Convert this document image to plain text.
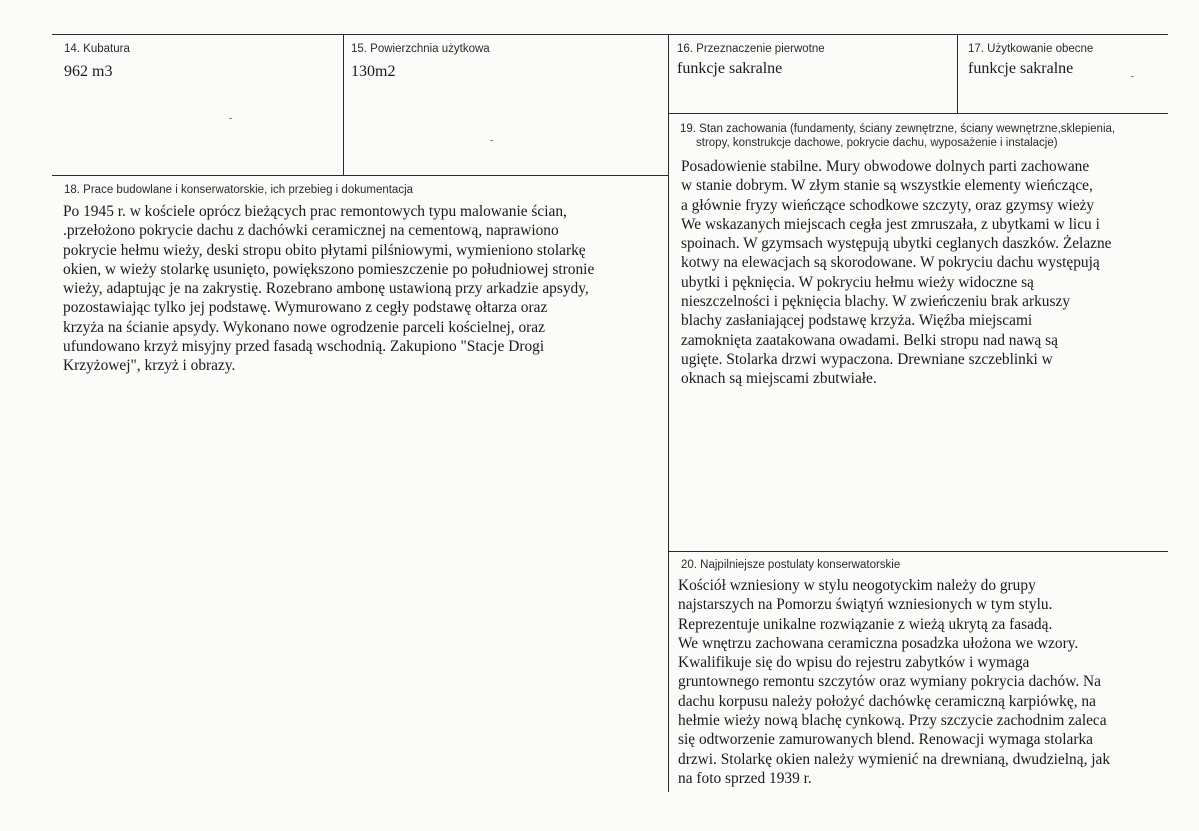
14. Kubatura
962 m3
15. Powierzchnia użytkowa
130m2
16. Przeznaczenie pierwotne
funkcje sakralne
17. Użytkowanie obecne
funkcje sakralne
19. Stan zachowania (fundamenty, ściany zewnętrzne, ściany wewnętrzne,sklepienia,
stropy, konstrukcje dachowe, pokrycie dachu, wyposażenie i instalacje)
Posadowienie stabilne. Mury obwodowe dolnych parti zachowane
w stanie dobrym. W złym stanie są wszystkie elementy wieńczące,
a głównie fryzy wieńczące schodkowe szczyty, oraz gzymsy wieży
We wskazanych miejscach cegła jest zmruszała, z ubytkami w licu i
spoinach. W gzymsach występują ubytki ceglanych daszków. Żelazne
kotwy na elewacjach są skorodowane. W pokryciu dachu występują
ubytki i pęknięcia. W pokryciu hełmu wieży widoczne są
nieszczelności i pęknięcia blachy. W zwieńczeniu brak arkuszy
blachy zasłaniającej podstawę krzyża. Więźba miejscami
zamoknięta zaatakowana owadami. Belki stropu nad nawą są
ugięte. Stolarka drzwi wypaczona. Drewniane szczeblinki w
oknach są miejscami zbutwiałe.
18. Prace budowlane i konserwatorskie, ich przebieg i dokumentacja
Po 1945 r. w kościele oprócz bieżących prac remontowych typu malowanie ścian,
.przełożono pokrycie dachu z dachówki ceramicznej na cementową, naprawiono
pokrycie hełmu wieży, deski stropu obito płytami pilśniowymi, wymieniono stolarkę
okien, w wieży stolarkę usunięto, powiększono pomieszczenie po południowej stronie
wieży, adaptując je na zakrystię. Rozebrano ambonę ustawioną przy arkadzie apsydy,
pozostawiając tylko jej podstawę. Wymurowano z cegły podstawę ołtarza oraz
krzyża na ścianie apsydy. Wykonano nowe ogrodzenie parceli kościelnej, oraz
ufundowano krzyż misyjny przed fasadą wschodnią. Zakupiono "Stacje Drogi
Krzyżowej", krzyż i obrazy.
20. Najpilniejsze postulaty konserwatorskie
Kościół wzniesiony w stylu neogotyckim należy do grupy
najstarszych na Pomorzu świątyń wzniesionych w tym stylu.
Reprezentuje unikalne rozwiązanie z wieżą ukrytą za fasadą.
We wnętrzu zachowana ceramiczna posadzka ułożona we wzory.
Kwalifikuje się do wpisu do rejestru zabytków i wymaga
gruntownego remontu szczytów oraz wymiany pokrycia dachów. Na
dachu korpusu należy położyć dachówkę ceramiczną karpiówkę, na
hełmie wieży nową blachę cynkową. Przy szczycie zachodnim zaleca
się odtworzenie zamurowanych blend. Renowacji wymaga stolarka
drzwi. Stolarkę okien należy wymienić na drewnianą, dwudzielną, jak
na foto sprzed 1939 r.
